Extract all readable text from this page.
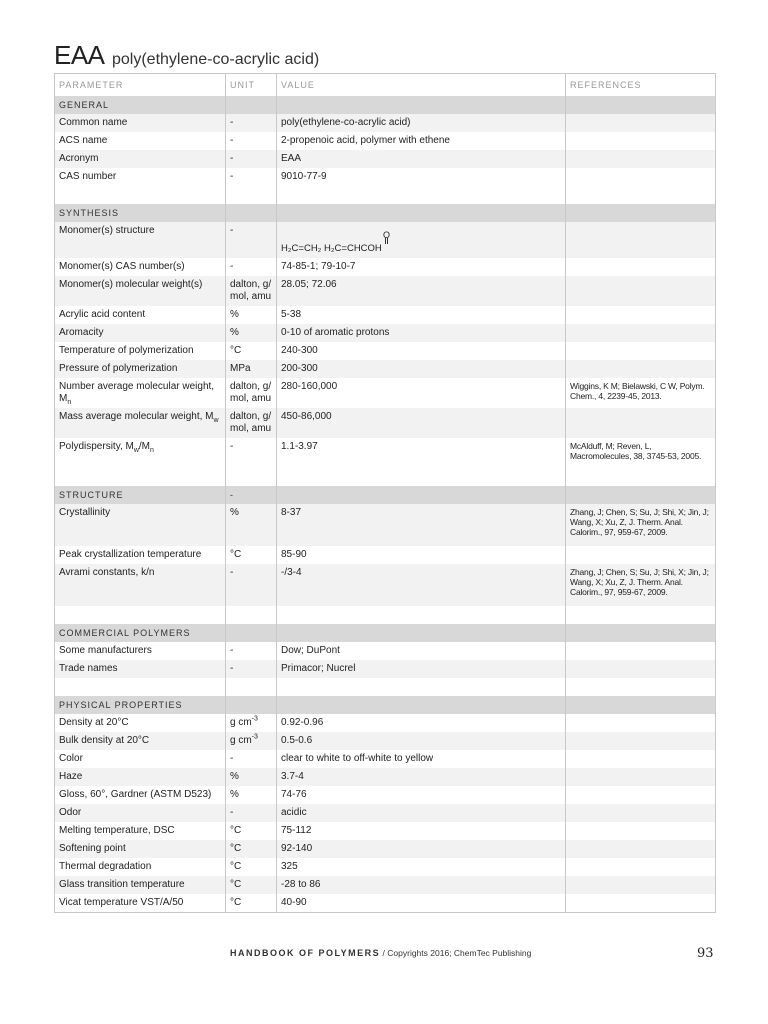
EAA poly(ethylene-co-acrylic acid)
PARAMETER	UNIT	VALUE	REFERENCES
GENERAL			
Common name	-	poly(ethylene-co-acrylic acid)	
ACS name	-	2-propenoic acid, polymer with ethene	
Acronym	-	EAA	
CAS number	-	9010-77-9	

SYNTHESIS			
Monomer(s) structure	-	O
H₂C=CH₂ H₂C=CHCOH	

Monomer(s) CAS number(s)	-	74-85-1; 79-10-7	
Monomer(s) molecular weight(s)	dalton, g/ mol, amu	28.05; 72.06	
Acrylic acid content	%	5-38	
Aromacity	%	0-10 of aromatic protons	
Temperature of polymerization	°C	240-300	
Pressure of polymerization	MPa	200-300	
Number average molecular weight, $M_n$	dalton, g/ mol, amu	280-160,000	Wiggins, K M; Bielawski, C W, Polym. Chem., 4, 2239-45, 2013.
Mass average molecular weight, $M_w$	dalton, g/ mol, amu	450-86,000	
Polydispersity, $M_w/M_n$	-	1.1-3.97	McAlduff, M; Reven, L, Macromolecules, 38, 3745-53, 2005.

STRUCTURE	-		
Crystallinity	%	8-37	Zhang, J; Chen, S; Su, J; Shi, X; Jin, J; Wang, X; Xu, Z, J. Therm. Anal. Calorim., 97, 959-67, 2009.
Peak crystallization temperature	°C	85-90	
Avrami constants, k/n	-	-/3-4	Zhang, J; Chen, S; Su, J; Shi, X; Jin, J; Wang, X; Xu, Z, J. Therm. Anal. Calorim., 97, 959-67, 2009.

COMMERCIAL POLYMERS			
Some manufacturers	-	Dow; DuPont	
Trade names	-	Primacor; Nucrel	

PHYSICAL PROPERTIES			
Density at 20°C	g $cm^{-3}$	0.92-0.96	
Bulk density at 20°C	g $cm^{-3}$	0.5-0.6	
Color	-	clear to white to off-white to yellow	
Haze	%	3.7-4	
Gloss, 60°, Gardner (ASTM D523)	%	74-76	
Odor	-	acidic	
Melting temperature, DSC	°C	75-112	
Softening point	°C	92-140	
Thermal degradation	°C	325	
Glass transition temperature	°C	-28 to 86	
Vicat temperature VST/A/50	°C	40-90	
HANDBOOK OF POLYMERS / Copyrights 2016; ChemTec Publishing	93
